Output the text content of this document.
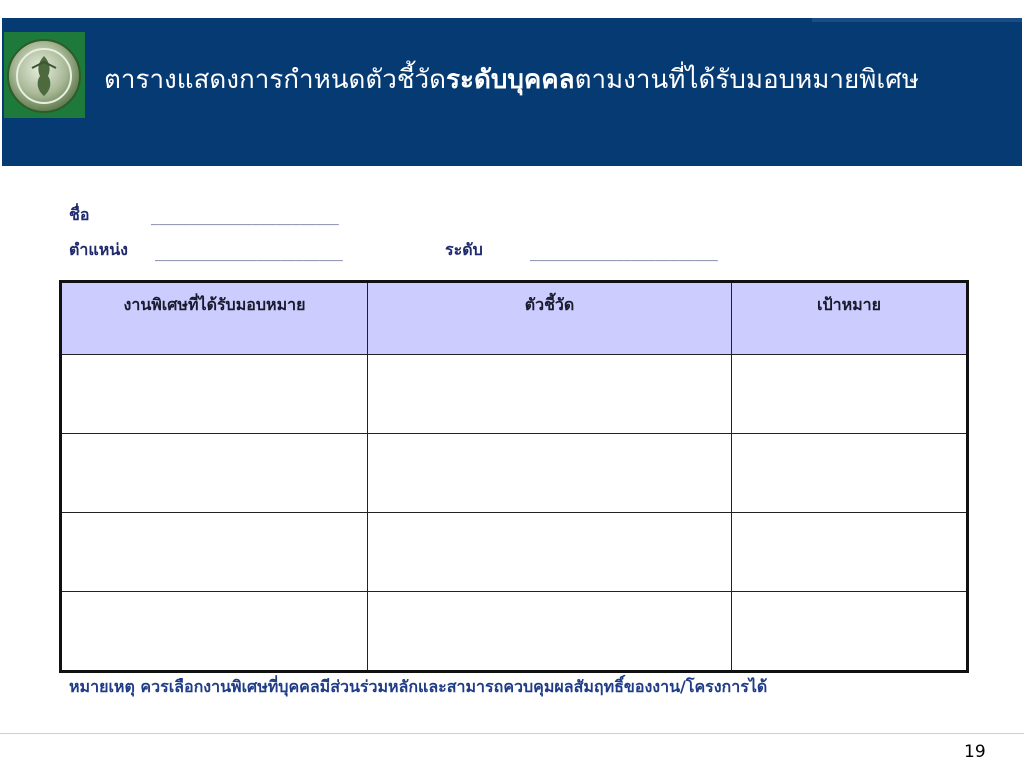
ตารางแสดงการกำหนดตัวชี้วัดระดับบุคคลตามงานที่ได้รับมอบหมายพิเศษ
ชื่อ	________________________
ตำแหน่ง ________________________	ระดับ	________________________
งานพิเศษที่ได้รับมอบหมาย	ตัวชี้วัด	เป้าหมาย

หมายเหตุ ควรเลือกงานพิเศษที่บุคคลมีส่วนร่วมหลักและสามารถควบคุมผลสัมฤทธิ์ของงาน/โครงการได้
19
